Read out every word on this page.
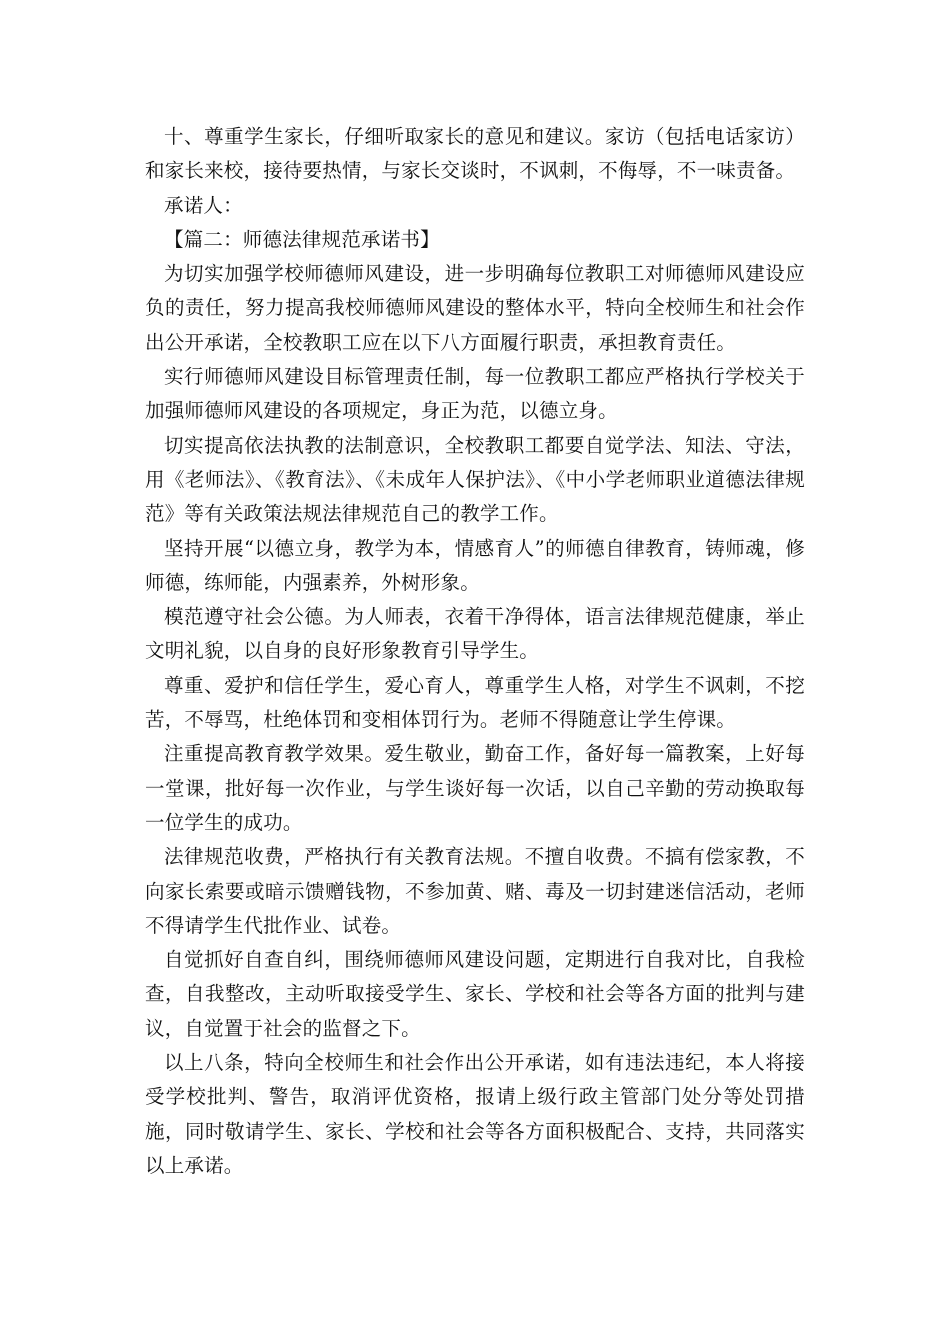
十、尊重学生家长，仔细听取家长的意见和建议。家访（包括电话家访）和家长来校，接待要热情，与家长交谈时，不讽刺，不侮辱，不一味责备。

承诺人：

【篇二：师德法律规范承诺书】

为切实加强学校师德师风建设，进一步明确每位教职工对师德师风建设应负的责任，努力提高我校师德师风建设的整体水平，特向全校师生和社会作出公开承诺，全校教职工应在以下八方面履行职责，承担教育责任。

实行师德师风建设目标管理责任制，每一位教职工都应严格执行学校关于加强师德师风建设的各项规定，身正为范，以德立身。

切实提高依法执教的法制意识，全校教职工都要自觉学法、知法、守法，用《老师法》、《教育法》、《未成年人保护法》、《中小学老师职业道德法律规范》等有关政策法规法律规范自己的教学工作。

坚持开展“以德立身，教学为本，情感育人”的师德自律教育，铸师魂，修师德，练师能，内强素养，外树形象。

模范遵守社会公德。为人师表，衣着干净得体，语言法律规范健康，举止文明礼貌，以自身的良好形象教育引导学生。

尊重、爱护和信任学生，爱心育人，尊重学生人格，对学生不讽刺，不挖苦，不辱骂，杜绝体罚和变相体罚行为。老师不得随意让学生停课。

注重提高教育教学效果。爱生敬业，勤奋工作，备好每一篇教案，上好每一堂课，批好每一次作业，与学生谈好每一次话，以自己辛勤的劳动换取每一位学生的成功。

法律规范收费，严格执行有关教育法规。不擅自收费。不搞有偿家教，不向家长索要或暗示馈赠钱物，不参加黄、赌、毒及一切封建迷信活动，老师不得请学生代批作业、试卷。

自觉抓好自查自纠，围绕师德师风建设问题，定期进行自我对比，自我检查，自我整改，主动听取接受学生、家长、学校和社会等各方面的批判与建议，自觉置于社会的监督之下。

以上八条，特向全校师生和社会作出公开承诺，如有违法违纪，本人将接受学校批判、警告，取消评优资格，报请上级行政主管部门处分等处罚措施，同时敬请学生、家长、学校和社会等各方面积极配合、支持，共同落实以上承诺。
